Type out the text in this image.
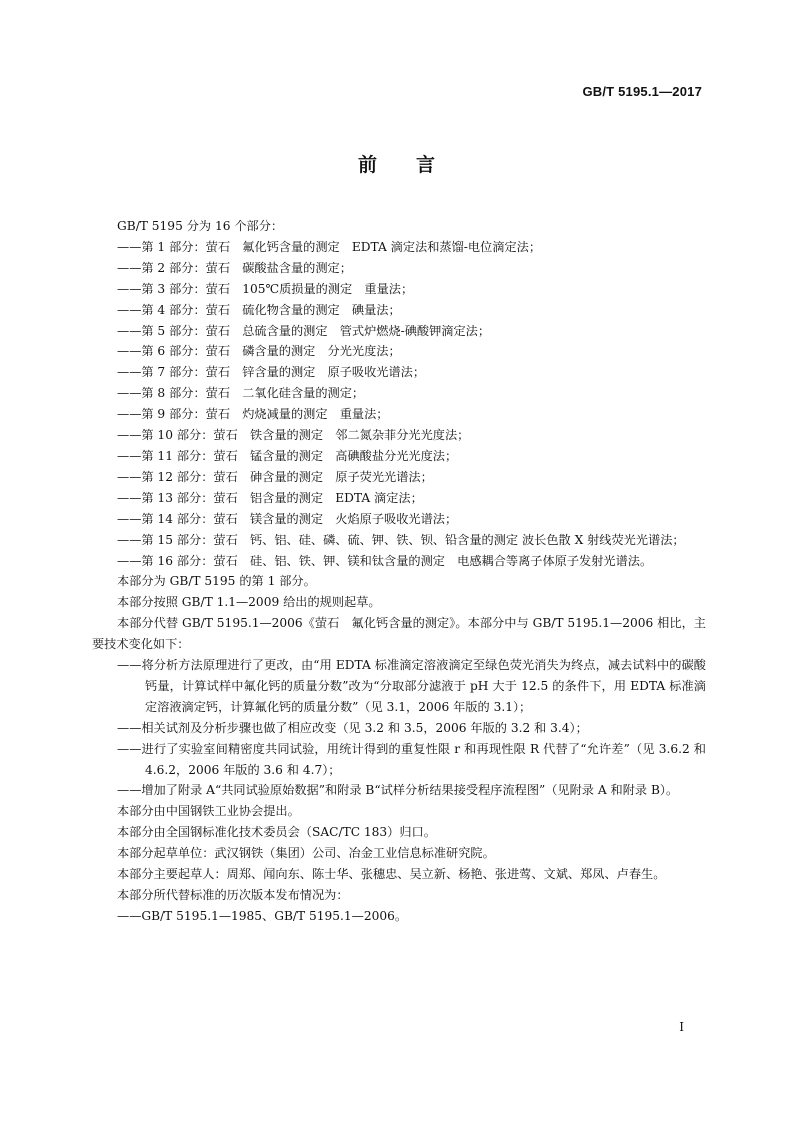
GB/T 5195.1—2017
前 言

GB/T 5195 分为 16 个部分：

——第 1 部分：萤石　氟化钙含量的测定　EDTA 滴定法和蒸馏-电位滴定法；

——第 2 部分：萤石　碳酸盐含量的测定；

——第 3 部分：萤石　105℃质损量的测定　重量法；

——第 4 部分：萤石　硫化物含量的测定　碘量法；

——第 5 部分：萤石　总硫含量的测定　管式炉燃烧-碘酸钾滴定法；

——第 6 部分：萤石　磷含量的测定　分光光度法；

——第 7 部分：萤石　锌含量的测定　原子吸收光谱法；

——第 8 部分：萤石　二氧化硅含量的测定；

——第 9 部分：萤石　灼烧减量的测定　重量法；

——第 10 部分：萤石　铁含量的测定　邻二氮杂菲分光光度法；

——第 11 部分：萤石　锰含量的测定　高碘酸盐分光光度法；

——第 12 部分：萤石　砷含量的测定　原子荧光光谱法；

——第 13 部分：萤石　铝含量的测定　EDTA 滴定法；

——第 14 部分：萤石　镁含量的测定　火焰原子吸收光谱法；

——第 15 部分：萤石　钙、铝、硅、磷、硫、钾、铁、钡、铅含量的测定 波长色散 X 射线荧光光谱法；

——第 16 部分：萤石　硅、铝、铁、钾、镁和钛含量的测定　电感耦合等离子体原子发射光谱法。

本部分为 GB/T 5195 的第 1 部分。

本部分按照 GB/T 1.1—2009 给出的规则起草。

本部分代替 GB/T 5195.1—2006《萤石　氟化钙含量的测定》。本部分中与 GB/T 5195.1—2006 相比，主要技术变化如下：

——将分析方法原理进行了更改，由“用 EDTA 标准滴定溶液滴定至绿色荧光消失为终点，减去试料中的碳酸钙量，计算试样中氟化钙的质量分数”改为“分取部分滤液于 pH 大于 12.5 的条件下，用 EDTA 标准滴定溶液滴定钙，计算氟化钙的质量分数”（见 3.1，2006 年版的 3.1）；

——相关试剂及分析步骤也做了相应改变（见 3.2 和 3.5，2006 年版的 3.2 和 3.4）；

——进行了实验室间精密度共同试验，用统计得到的重复性限 r 和再现性限 R 代替了“允许差”（见 3.6.2 和 4.6.2，2006 年版的 3.6 和 4.7）；

——增加了附录 A“共同试验原始数据”和附录 B“试样分析结果接受程序流程图”（见附录 A 和附录 B）。

本部分由中国钢铁工业协会提出。

本部分由全国钢标准化技术委员会（SAC/TC 183）归口。

本部分起草单位：武汉钢铁（集团）公司、冶金工业信息标准研究院。

本部分主要起草人：周郑、闻向东、陈士华、张穗忠、吴立新、杨艳、张进莺、文斌、郑凤、卢春生。

本部分所代替标准的历次版本发布情况为：

——GB/T 5195.1—1985、GB/T 5195.1—2006。

I
